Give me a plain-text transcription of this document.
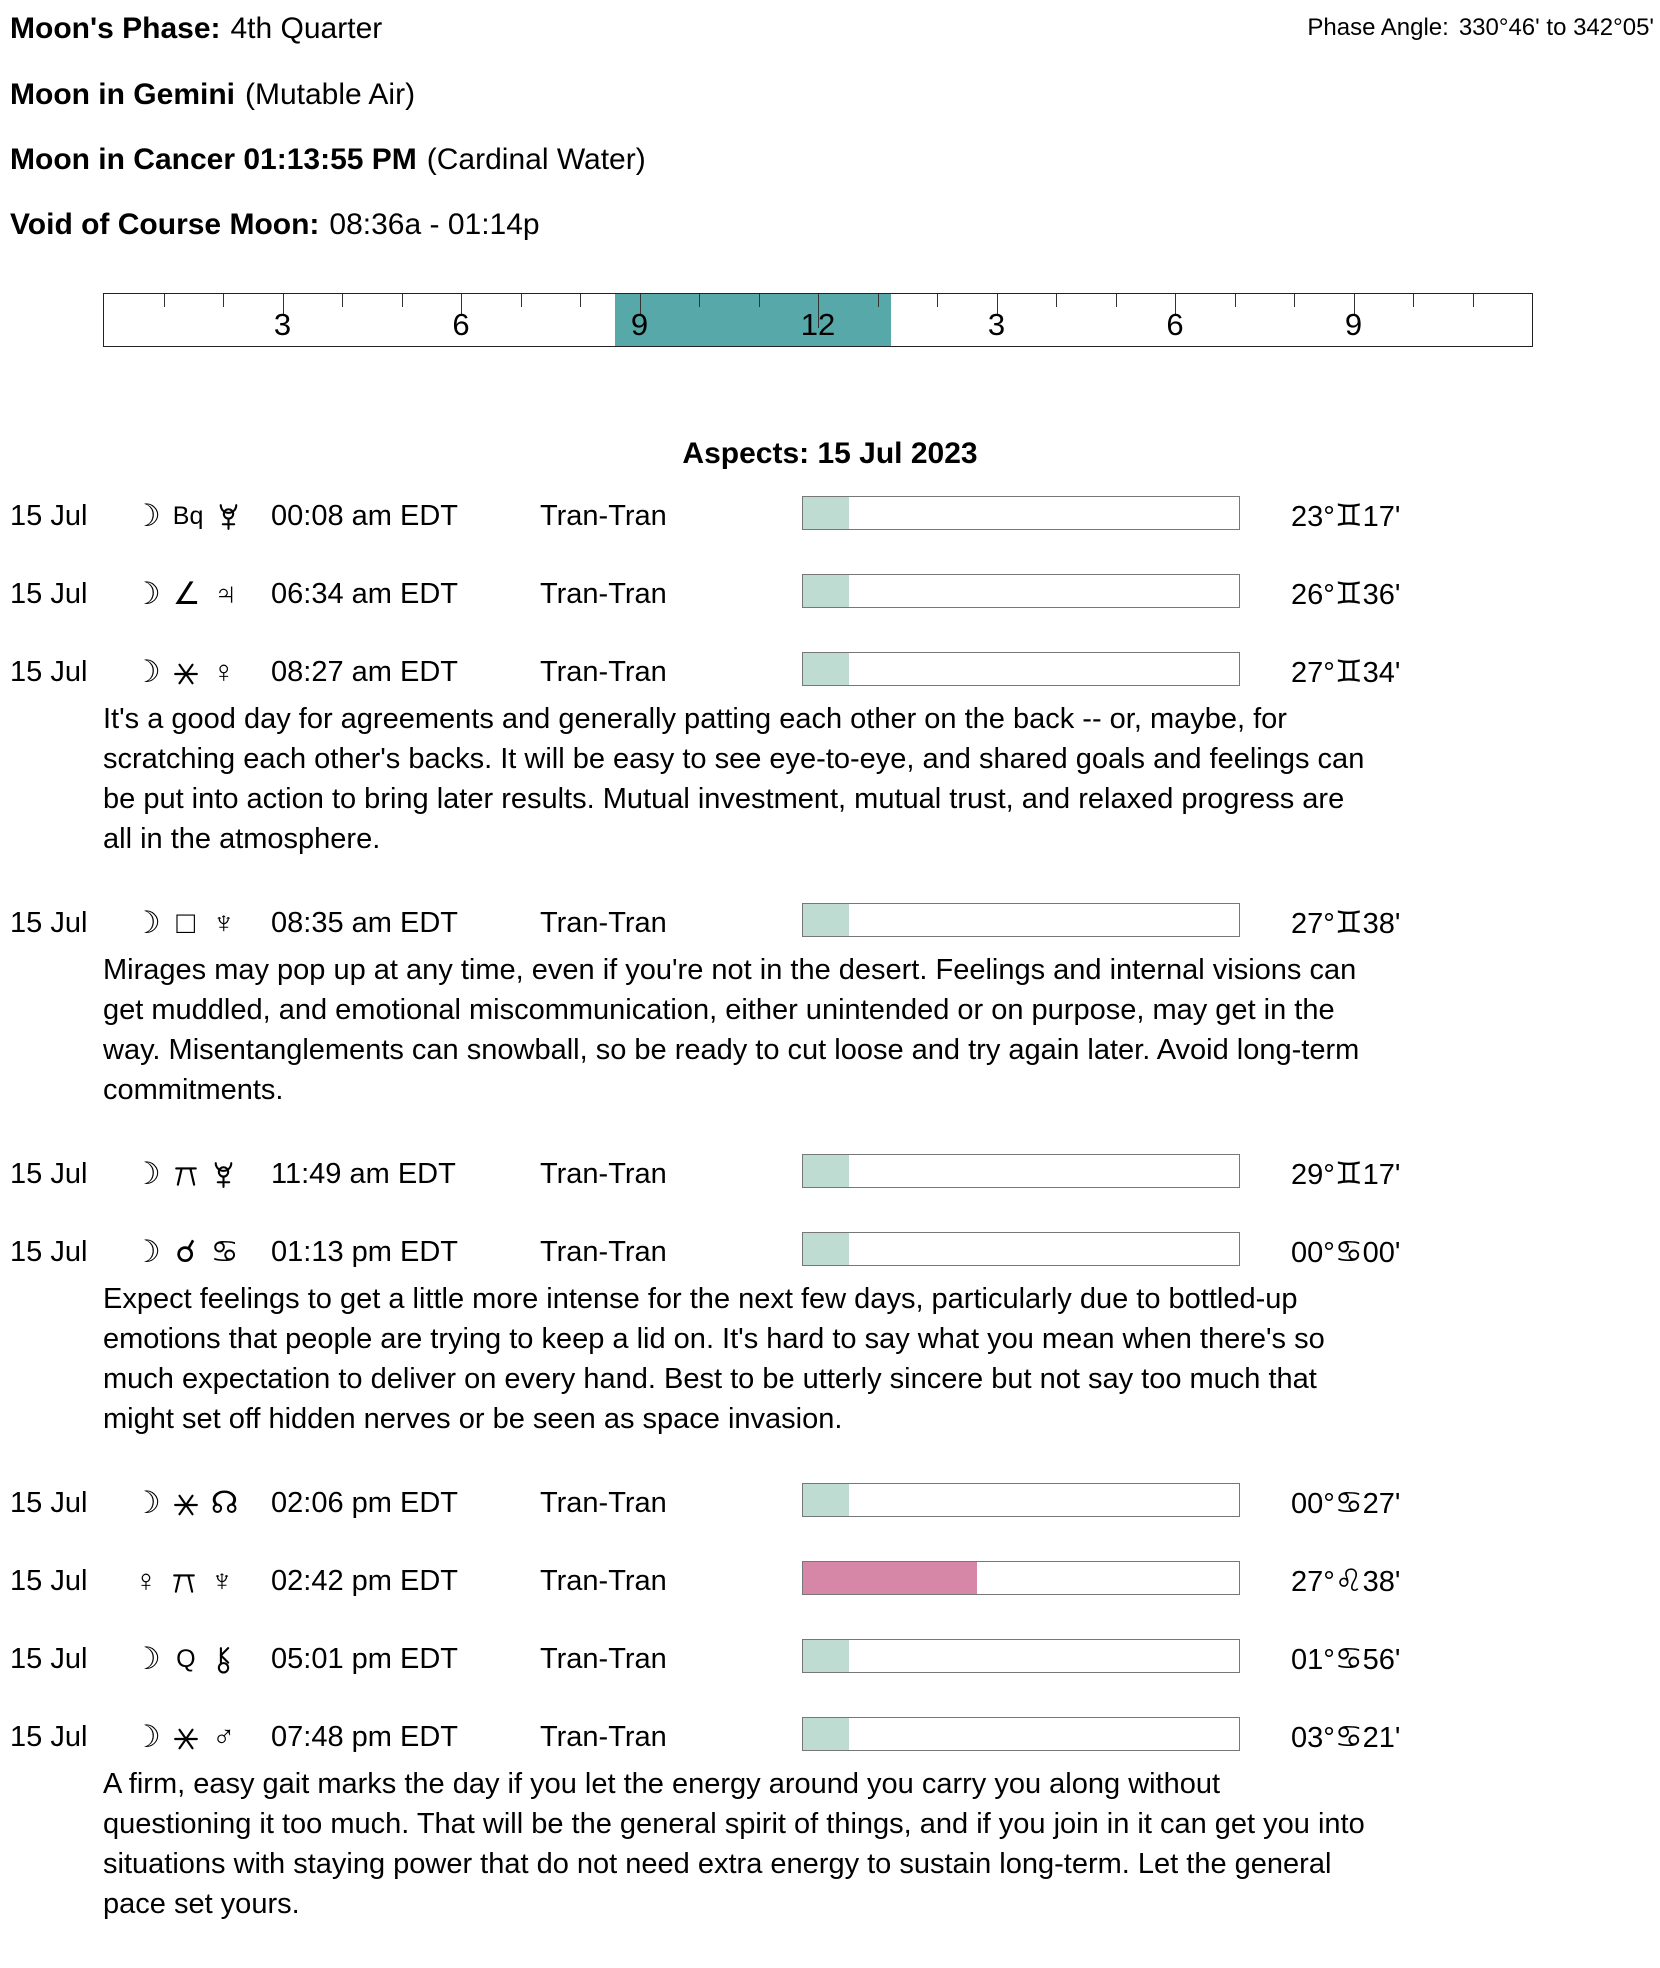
Moon's Phase: 4th Quarter	Phase Angle: 330°46' to 342°05'
Moon in Gemini (Mutable Air)
Moon in Cancer 01:13:55 PM (Cardinal Water)
Void of Course Moon: 08:36a - 01:14p
3	6	9	12	3	6	9
Aspects: 15 Jul 2023
15 Jul ☽ Bq 00:08 am EDT	Tran-Tran	23°♊17'
15 Jul ☽ ∠ ♃ 06:34 am EDT	Tran-Tran	26°♊36'
15 Jul ☽ ♀ 08:27 am EDT	Tran-Tran	27°♊34'
It's a good day for agreements and generally patting each other on the back -- or, maybe, for scratching each other's backs. It will be easy to see eye-to-eye, and shared goals and feelings can be put into action to bring later results. Mutual investment, mutual trust, and relaxed progress are all in the atmosphere.
15 Jul ☽ □ ♆ 08:35 am EDT	Tran-Tran	27°♊38'
Mirages may pop up at any time, even if you're not in the desert. Feelings and internal visions can get muddled, and emotional miscommunication, either unintended or on purpose, may get in the way. Misentanglements can snowball, so be ready to cut loose and try again later. Avoid long-term commitments.
15 Jul ☽	11:49 am EDT	Tran-Tran	29°♊17'
15 Jul ☽ ☌ ♋ 01:13 pm EDT	Tran-Tran	00°♋00'
Expect feelings to get a little more intense for the next few days, particularly due to bottled-up emotions that people are trying to keep a lid on. It's hard to say what you mean when there's so much expectation to deliver on every hand. Best to be utterly sincere but not say too much that might set off hidden nerves or be seen as space invasion.
15 Jul ☽ ☊ 02:06 pm EDT	Tran-Tran	00°♋27'
15 Jul ♀ ♆ 02:42 pm EDT	Tran-Tran	27°♌38'
15 Jul ☽ Q	05:01 pm EDT	Tran-Tran	01°♋56'
15 Jul ☽ ♂ 07:48 pm EDT	Tran-Tran	03°♋21'
A firm, easy gait marks the day if you let the energy around you carry you along without questioning it too much. That will be the general spirit of things, and if you join in it can get you into situations with staying power that do not need extra energy to sustain long-term. Let the general pace set yours.
